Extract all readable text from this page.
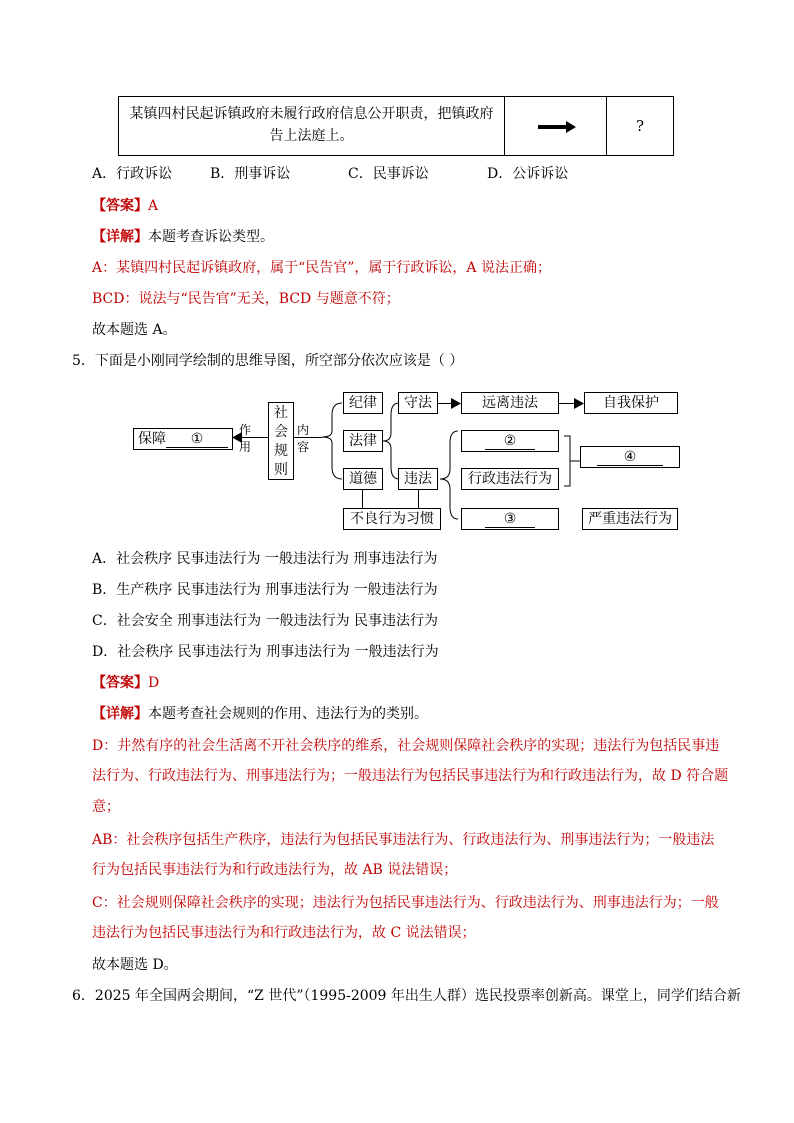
某镇四村民起诉镇政府未履行政府信息公开职责，把镇政府
告上法庭上。
?
A．行政诉讼	B．刑事诉讼	C．民事诉讼	D．公诉诉讼
【答案】A
【详解】本题考查诉讼类型。
A：某镇四村民起诉镇政府，属于“民告官”，属于行政诉讼，A 说法正确；
BCD：说法与“民告官”无关，BCD 与题意不符；
故本题选 A。
5．下面是小刚同学绘制的思维导图，所空部分依次应该是（ ）
保障 ①
作用
社
会
规
则
内容
纪律
法律
道德
守法
违法
远离违法	自我保护
②
行政违法行为
③
④
严重违法行为
不良行为习惯
A．社会秩序 民事违法行为 一般违法行为 刑事违法行为
B．生产秩序 民事违法行为 刑事违法行为 一般违法行为
C．社会安全 刑事违法行为 一般违法行为 民事违法行为
D．社会秩序 民事违法行为 刑事违法行为 一般违法行为
【答案】D
【详解】本题考查社会规则的作用、违法行为的类别。
D：井然有序的社会生活离不开社会秩序的维系，社会规则保障社会秩序的实现；违法行为包括民事违
法行为、行政违法行为、刑事违法行为；一般违法行为包括民事违法行为和行政违法行为，故 D 符合题
意；
AB：社会秩序包括生产秩序，违法行为包括民事违法行为、行政违法行为、刑事违法行为；一般违法
行为包括民事违法行为和行政违法行为，故 AB 说法错误；
C：社会规则保障社会秩序的实现；违法行为包括民事违法行为、行政违法行为、刑事违法行为；一般
违法行为包括民事违法行为和行政违法行为，故 C 说法错误；
故本题选 D。
6．2025 年全国两会期间，“Z 世代”（1995-2009 年出生人群）选民投票率创新高。课堂上，同学们结合新
